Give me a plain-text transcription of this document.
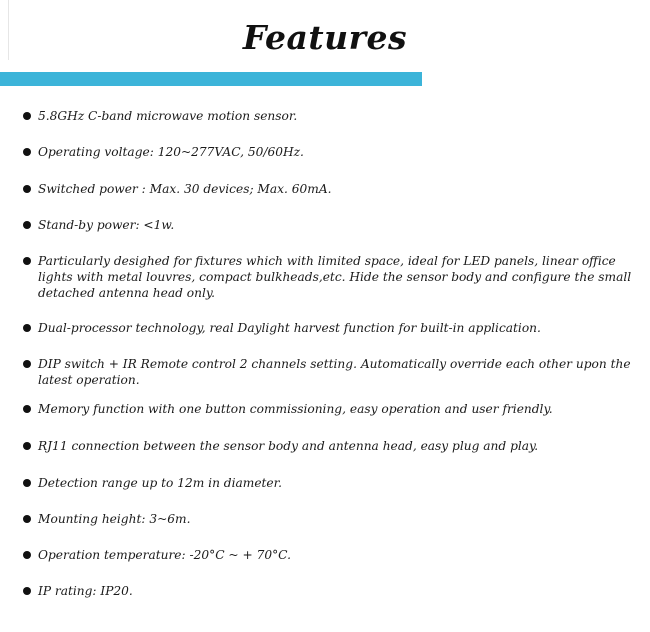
Features
5.8GHz C-band microwave motion sensor.
Operating voltage: 120~277VAC, 50/60Hz.
Switched power : Max. 30 devices; Max. 60mA.
Stand-by power: <1w.
Particularly desighed for fixtures which with limited space, ideal for LED panels, linear office lights with metal louvres, compact bulkheads,etc. Hide the sensor body and configure the small detached antenna head only.
Dual-processor technology, real Daylight harvest function for built-in application.
DIP switch + IR Remote control 2 channels setting. Automatically override each other upon the latest operation.
Memory function with one button commissioning, easy operation and user friendly.
RJ11 connection between the sensor body and antenna head, easy plug and play.
Detection range up to 12m in diameter.
Mounting height: 3~6m.
Operation temperature: -20°C ~ + 70°C.
IP rating: IP20.
